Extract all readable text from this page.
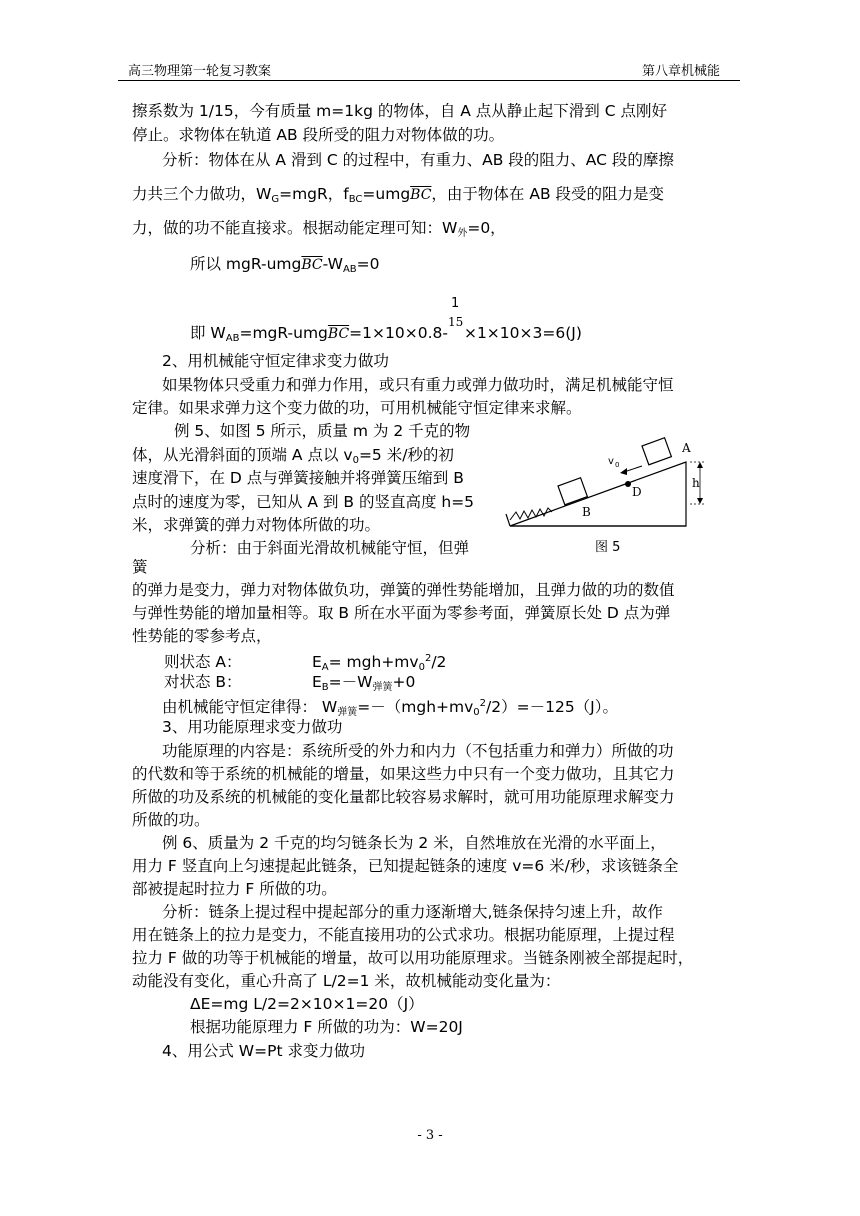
高三物理第一轮复习教案	第八章机械能
擦系数为 1/15，今有质量 m=1kg 的物体，自 A 点从静止起下滑到 C 点刚好
停止。求物体在轨道 AB 段所受的阻力对物体做的功。
分析：物体在从 A 滑到 C 的过程中，有重力、AB 段的阻力、AC 段的摩擦
力共三个力做功，$W_G=mgR$，$f_{BC}=umg\overline{BC}$，由于物体在 AB 段受的阻力是变
力，做的功不能直接求。根据动能定理可知：$W_外=0$，
所以 mgR-$umg\overline{BC}-W_{AB}=0$
即 $W_{AB}=mgR-umg\overline{BC}=1\times 10\times 0.8-$
1
15
×1×10×3=6(J)
2、用机械能守恒定律求变力做功
如果物体只受重力和弹力作用，或只有重力或弹力做功时，满足机械能守恒
定律。如果求弹力这个变力做的功，可用机械能守恒定律来求解。
例 5、如图 5 所示，质量 m 为 2 千克的物
体，从光滑斜面的顶端 A 点以 $v_0=5$ 米/秒的初
速度滑下，在 D 点与弹簧接触并将弹簧压缩到 B
点时的速度为零，已知从 A 到 B 的竖直高度 h=5
米，求弹簧的弹力对物体所做的功。
分析：由于斜面光滑故机械能守恒，但弹
簧
的弹力是变力，弹力对物体做负功，弹簧的弹性势能增加，且弹力做的功的数值
与弹性势能的增加量相等。取 B 所在水平面为零参考面，弹簧原长处 D 点为弹
性势能的零参考点，
则状态 A：	$E_A= mgh+mv_0^2/2$
对状态 B：	$E_B=-W_{弹簧}+0$
由机械能守恒定律得： $W_{弹簧}=-(mgh+mv_0^2/2)=-125(J)$。
3、用功能原理求变力做功
功能原理的内容是：系统所受的外力和内力（不包括重力和弹力）所做的功
的代数和等于系统的机械能的增量，如果这些力中只有一个变力做功，且其它力
所做的功及系统的机械能的变化量都比较容易求解时，就可用功能原理求解变力
所做的功。
例 6、质量为 2 千克的均匀链条长为 2 米，自然堆放在光滑的水平面上，
用力 F 竖直向上匀速提起此链条，已知提起链条的速度 v=6 米/秒，求该链条全
部被提起时拉力 F 所做的功。
分析：链条上提过程中提起部分的重力逐渐增大,链条保持匀速上升，故作
用在链条上的拉力是变力，不能直接用功的公式求功。根据功能原理，上提过程
拉力 F 做的功等于机械能的增量，故可以用功能原理求。当链条刚被全部提起时，
动能没有变化，重心升高了 L/2=1 米，故机械能动变化量为：
ΔE=mg L/2=2×10×1=20（J）
根据功能原理力 F 所做的功为：W=20J
4、用公式 W=Pt 求变力做功
v 0
A
D
B
h
图 5
- 3 -
